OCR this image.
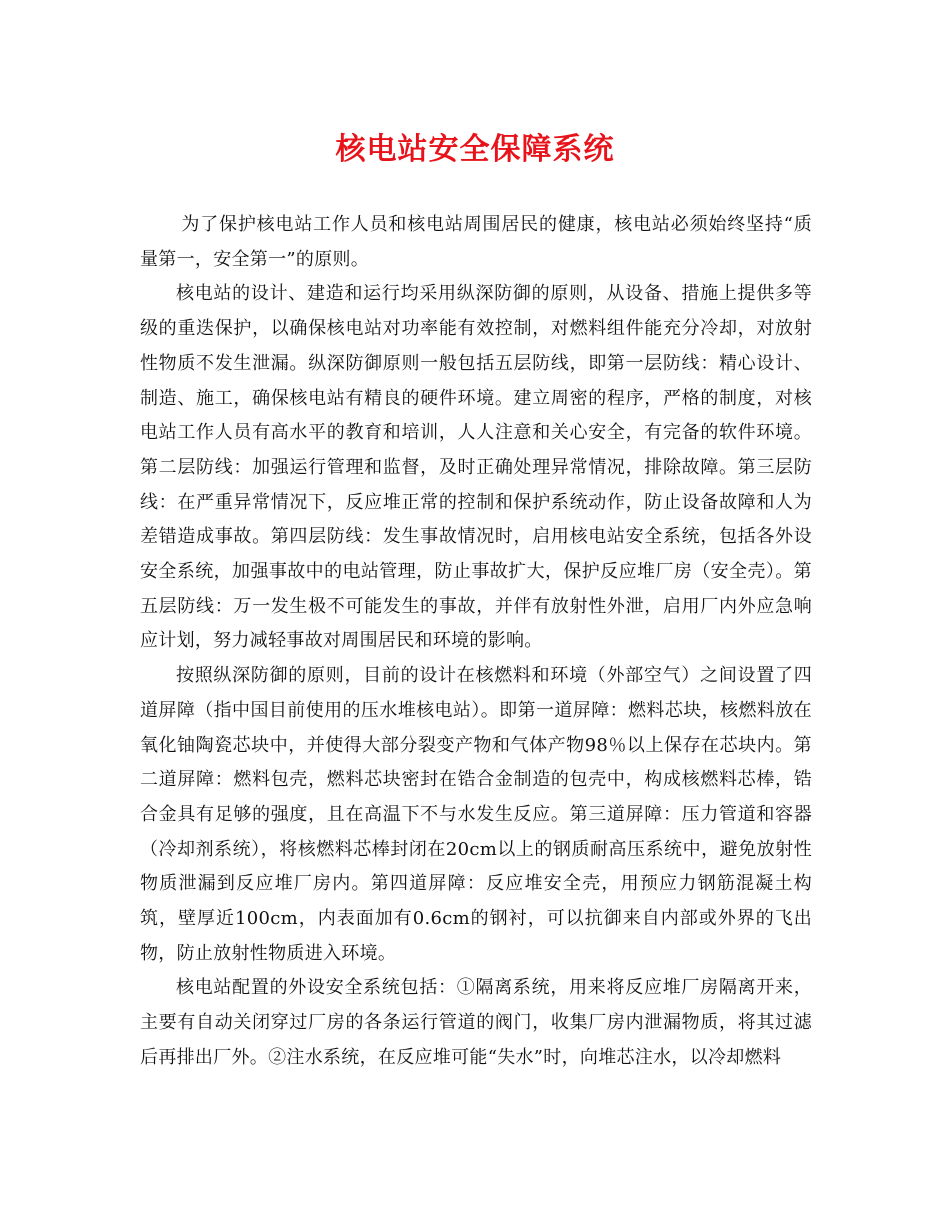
核电站安全保障系统

为了保护核电站工作人员和核电站周围居民的健康，核电站必须始终坚持“质量第一，安全第一”的原则。

核电站的设计、建造和运行均采用纵深防御的原则，从设备、措施上提供多等级的重迭保护，以确保核电站对功率能有效控制，对燃料组件能充分冷却，对放射性物质不发生泄漏。纵深防御原则一般包括五层防线，即第一层防线：精心设计、制造、施工，确保核电站有精良的硬件环境。建立周密的程序，严格的制度，对核电站工作人员有高水平的教育和培训，人人注意和关心安全，有完备的软件环境。第二层防线：加强运行管理和监督，及时正确处理异常情况，排除故障。第三层防线：在严重异常情况下，反应堆正常的控制和保护系统动作，防止设备故障和人为差错造成事故。第四层防线：发生事故情况时，启用核电站安全系统，包括各外设安全系统，加强事故中的电站管理，防止事故扩大，保护反应堆厂房（安全壳）。第五层防线：万一发生极不可能发生的事故，并伴有放射性外泄，启用厂内外应急响应计划，努力减轻事故对周围居民和环境的影响。

按照纵深防御的原则，目前的设计在核燃料和环境（外部空气）之间设置了四道屏障（指中国目前使用的压水堆核电站）。即第一道屏障：燃料芯块，核燃料放在氧化铀陶瓷芯块中，并使得大部分裂变产物和气体产物98％以上保存在芯块内。第二道屏障：燃料包壳，燃料芯块密封在锆合金制造的包壳中，构成核燃料芯棒，锆合金具有足够的强度，且在高温下不与水发生反应。第三道屏障：压力管道和容器（冷却剂系统），将核燃料芯棒封闭在20cm以上的钢质耐高压系统中，避免放射性物质泄漏到反应堆厂房内。第四道屏障：反应堆安全壳，用预应力钢筋混凝土构筑，壁厚近100cm，内表面加有0.6cm的钢衬，可以抗御来自内部或外界的飞出物，防止放射性物质进入环境。

核电站配置的外设安全系统包括：①隔离系统，用来将反应堆厂房隔离开来，主要有自动关闭穿过厂房的各条运行管道的阀门，收集厂房内泄漏物质，将其过滤后再排出厂外。②注水系统，在反应堆可能“失水”时，向堆芯注水，以冷却燃料
